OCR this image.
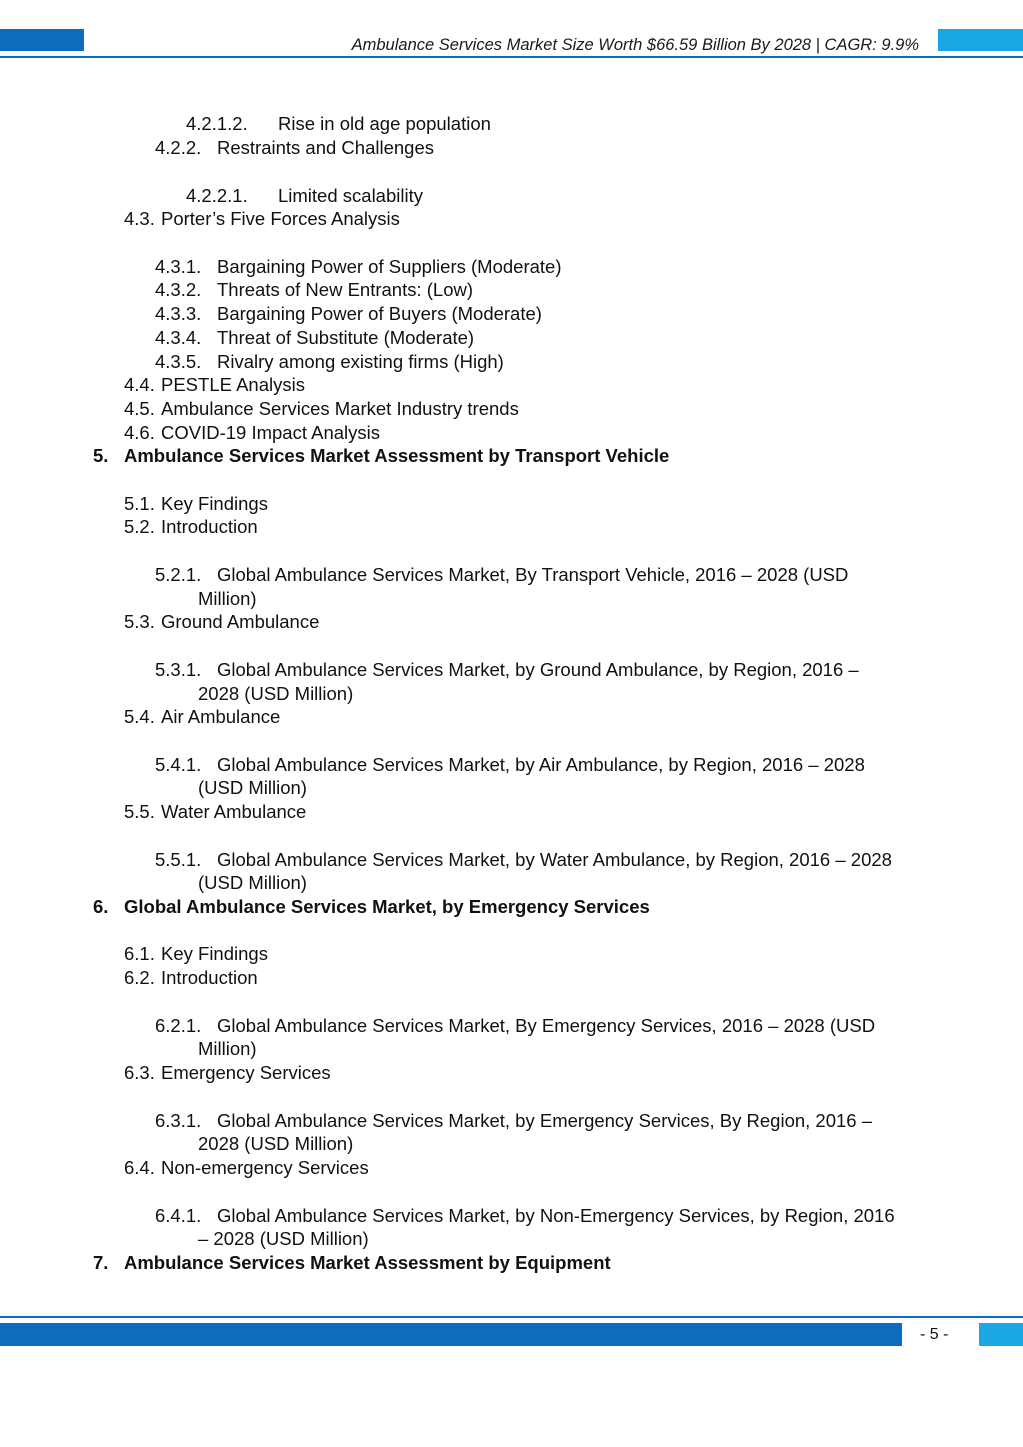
Ambulance Services Market Size Worth $66.59 Billion By 2028 | CAGR: 9.9%
4.2.1.2. Rise in old age population
4.2.2. Restraints and Challenges
4.2.2.1. Limited scalability
4.3. Porter’s Five Forces Analysis
4.3.1. Bargaining Power of Suppliers (Moderate)
4.3.2. Threats of New Entrants: (Low)
4.3.3. Bargaining Power of Buyers (Moderate)
4.3.4. Threat of Substitute (Moderate)
4.3.5. Rivalry among existing firms (High)
4.4. PESTLE Analysis
4.5. Ambulance Services Market Industry trends
4.6. COVID-19 Impact Analysis
5. Ambulance Services Market Assessment by Transport Vehicle
5.1. Key Findings
5.2. Introduction
5.2.1. Global Ambulance Services Market, By Transport Vehicle, 2016 – 2028 (USD
Million)
5.3. Ground Ambulance
5.3.1. Global Ambulance Services Market, by Ground Ambulance, by Region, 2016 –
2028 (USD Million)
5.4. Air Ambulance
5.4.1. Global Ambulance Services Market, by Air Ambulance, by Region, 2016 – 2028
(USD Million)
5.5. Water Ambulance
5.5.1. Global Ambulance Services Market, by Water Ambulance, by Region, 2016 – 2028
(USD Million)
6. Global Ambulance Services Market, by Emergency Services
6.1. Key Findings
6.2. Introduction
6.2.1. Global Ambulance Services Market, By Emergency Services, 2016 – 2028 (USD
Million)
6.3. Emergency Services
6.3.1. Global Ambulance Services Market, by Emergency Services, By Region, 2016 –
2028 (USD Million)
6.4. Non-emergency Services
6.4.1. Global Ambulance Services Market, by Non-Emergency Services, by Region, 2016
– 2028 (USD Million)
7. Ambulance Services Market Assessment by Equipment
- 5 -
